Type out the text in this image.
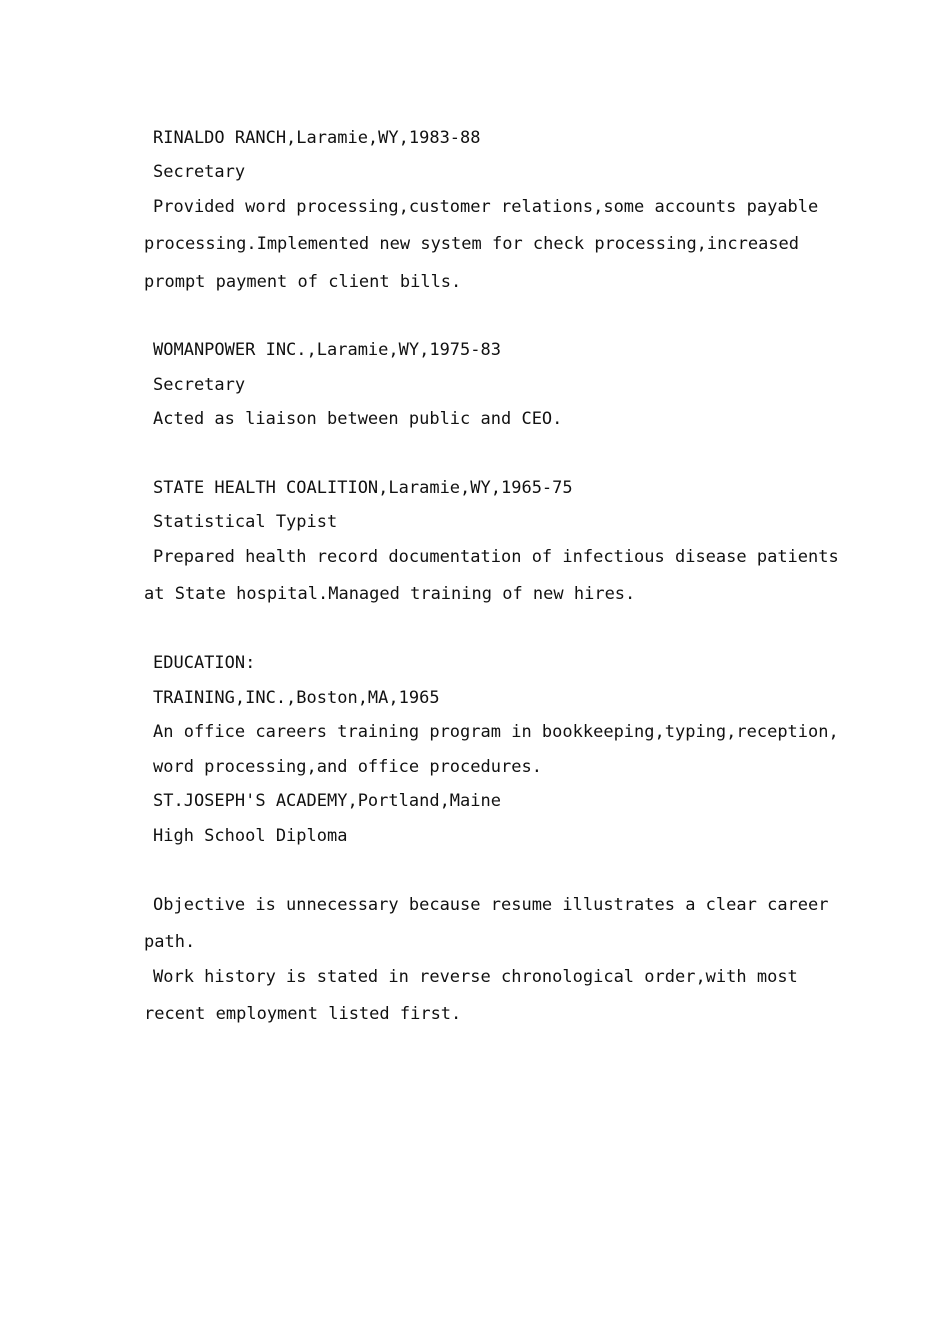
RINALDO RANCH,Laramie,WY,1983-88
Secretary
Provided word processing,customer relations,some accounts payable
processing.Implemented new system for check processing,increased
prompt payment of client bills.
WOMANPOWER INC.,Laramie,WY,1975-83
Secretary
Acted as liaison between public and CEO.
STATE HEALTH COALITION,Laramie,WY,1965-75
Statistical Typist
Prepared health record documentation of infectious disease patients
at State hospital.Managed training of new hires.
EDUCATION:
TRAINING,INC.,Boston,MA,1965
An office careers training program in bookkeeping,typing,reception,
word processing,and office procedures.
ST.JOSEPH'S ACADEMY,Portland,Maine
High School Diploma
Objective is unnecessary because resume illustrates a clear career
path.
Work history is stated in reverse chronological order,with most
recent employment listed first.
